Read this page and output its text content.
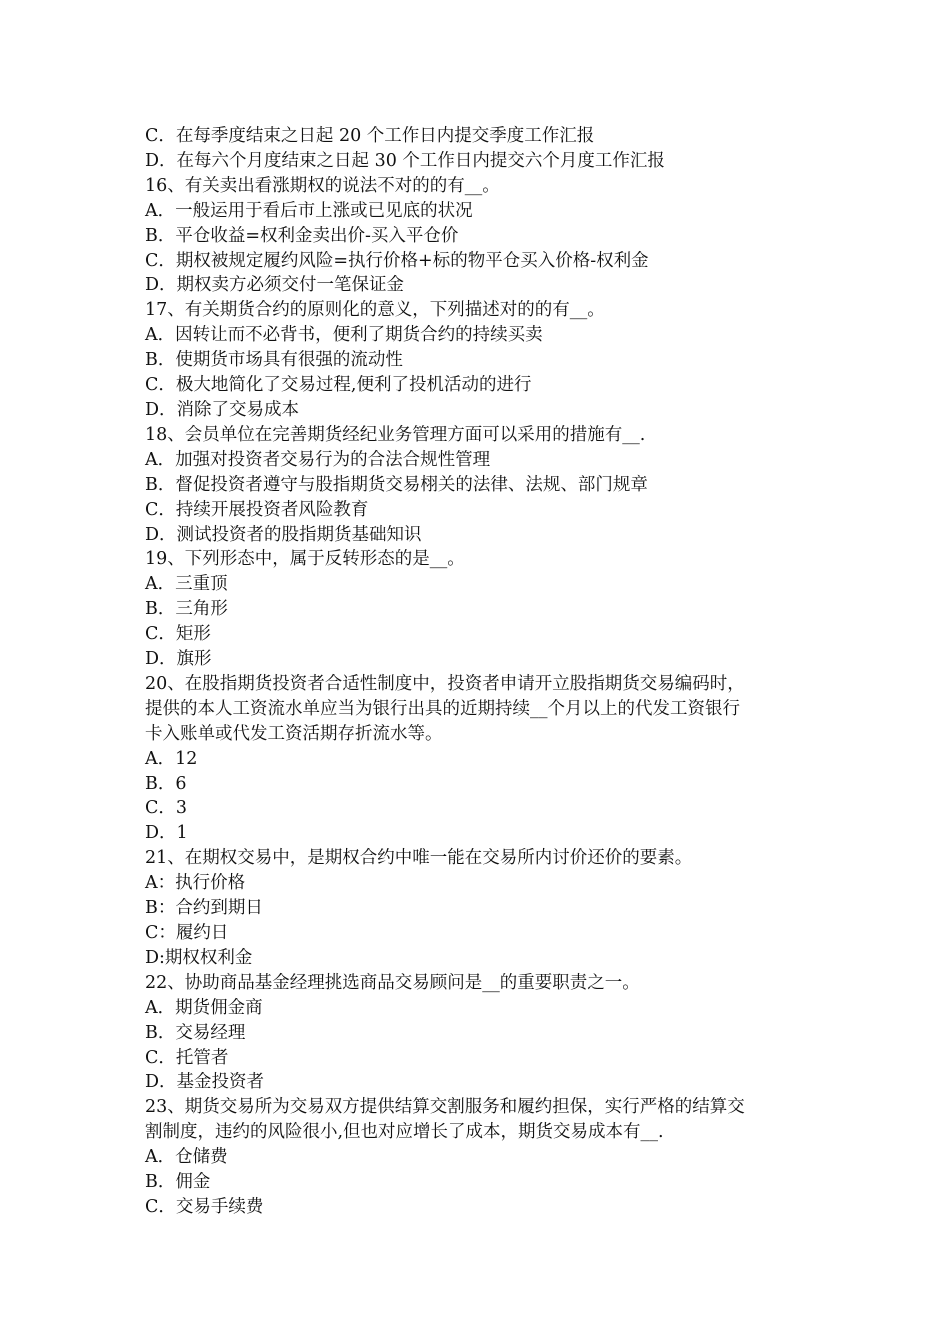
C．在每季度结束之日起 20 个工作日内提交季度工作汇报
D．在每六个月度结束之日起 30 个工作日内提交六个月度工作汇报
16、有关卖出看涨期权的说法不对的的有__。
A．一般运用于看后市上涨或已见底的状况
B．平仓收益=权利金卖出价-买入平仓价
C．期权被规定履约风险=执行价格+标的物平仓买入价格-权利金
D．期权卖方必须交付一笔保证金
17、有关期货合约的原则化的意义，下列描述对的的有__。
A．因转让而不必背书，便利了期货合约的持续买卖
B．使期货市场具有很强的流动性
C．极大地简化了交易过程,便利了投机活动的进行
D．消除了交易成本
18、会员单位在完善期货经纪业务管理方面可以采用的措施有__.
A．加强对投资者交易行为的合法合规性管理
B．督促投资者遵守与股指期货交易栩关的法律、法规、部门规章
C．持续开展投资者风险教育
D．测试投资者的股指期货基础知识
19、下列形态中，属于反转形态的是__。
A．三重顶
B．三角形
C．矩形
D．旗形
20、在股指期货投资者合适性制度中，投资者申请开立股指期货交易编码时，
提供的本人工资流水单应当为银行出具的近期持续__个月以上的代发工资银行
卡入账单或代发工资活期存折流水等。
A．12
B．6
C．3
D．1
21、在期权交易中，是期权合约中唯一能在交易所内讨价还价的要素。
A：执行价格
B：合约到期日
C：履约日
D:期权权利金
22、协助商品基金经理挑选商品交易顾问是__的重要职责之一。
A．期货佣金商
B．交易经理
C．托管者
D．基金投资者
23、期货交易所为交易双方提供结算交割服务和履约担保，实行严格的结算交
割制度，违约的风险很小,但也对应增长了成本，期货交易成本有__.
A．仓储费
B．佣金
C．交易手续费
